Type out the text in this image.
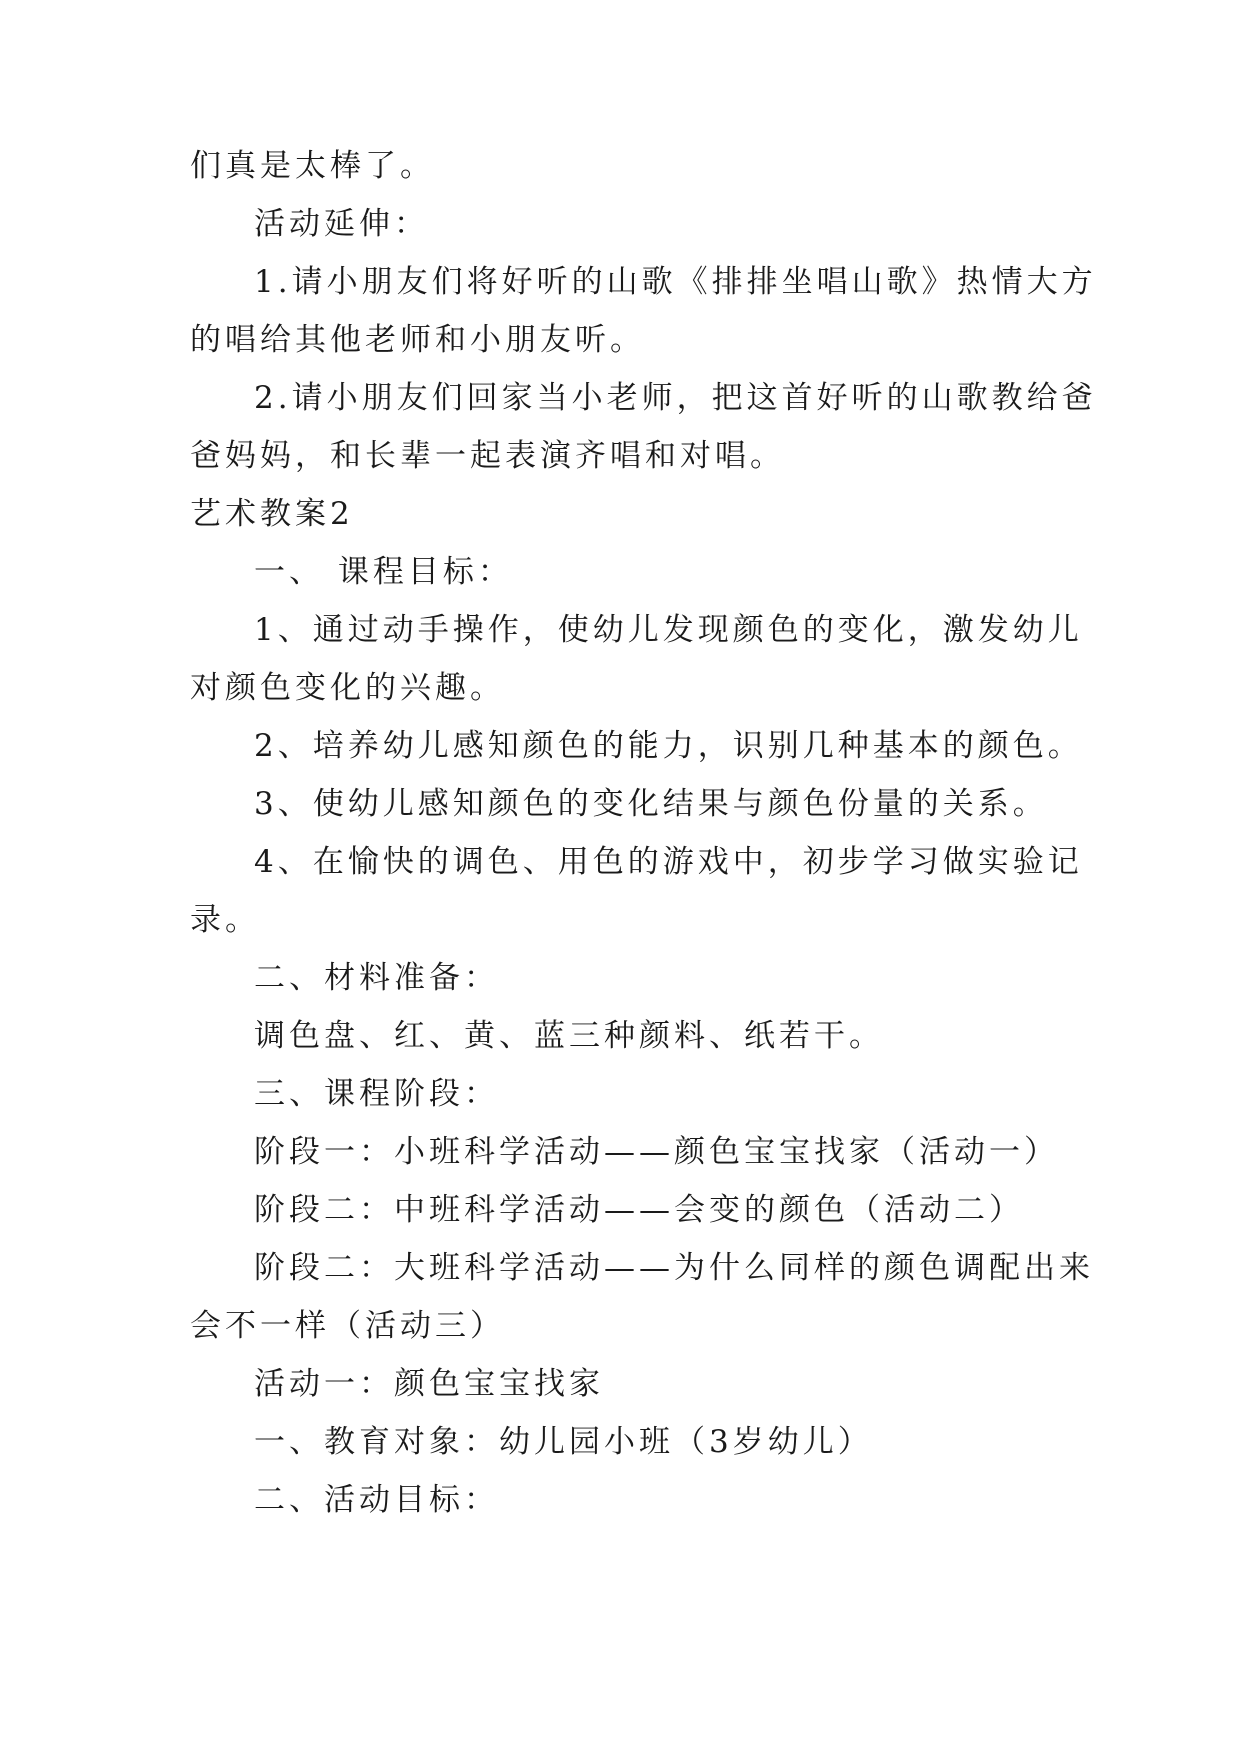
们真是太棒了。

活动延伸：

1.请小朋友们将好听的山歌《排排坐唱山歌》热情大方

的唱给其他老师和小朋友听。

2.请小朋友们回家当小老师，把这首好听的山歌教给爸

爸妈妈，和长辈一起表演齐唱和对唱。

艺术教案2

一、 课程目标：

1、通过动手操作，使幼儿发现颜色的变化，激发幼儿

对颜色变化的兴趣。

2、培养幼儿感知颜色的能力，识别几种基本的颜色。

3、使幼儿感知颜色的变化结果与颜色份量的关系。

4、在愉快的调色、用色的游戏中，初步学习做实验记

录。

二、材料准备：

调色盘、红、黄、蓝三种颜料、纸若干。

三、课程阶段：

阶段一：小班科学活动——颜色宝宝找家（活动一）

阶段二：中班科学活动——会变的颜色（活动二）

阶段二：大班科学活动——为什么同样的颜色调配出来

会不一样（活动三）

活动一：颜色宝宝找家

一、教育对象：幼儿园小班（3岁幼儿）

二、活动目标：
